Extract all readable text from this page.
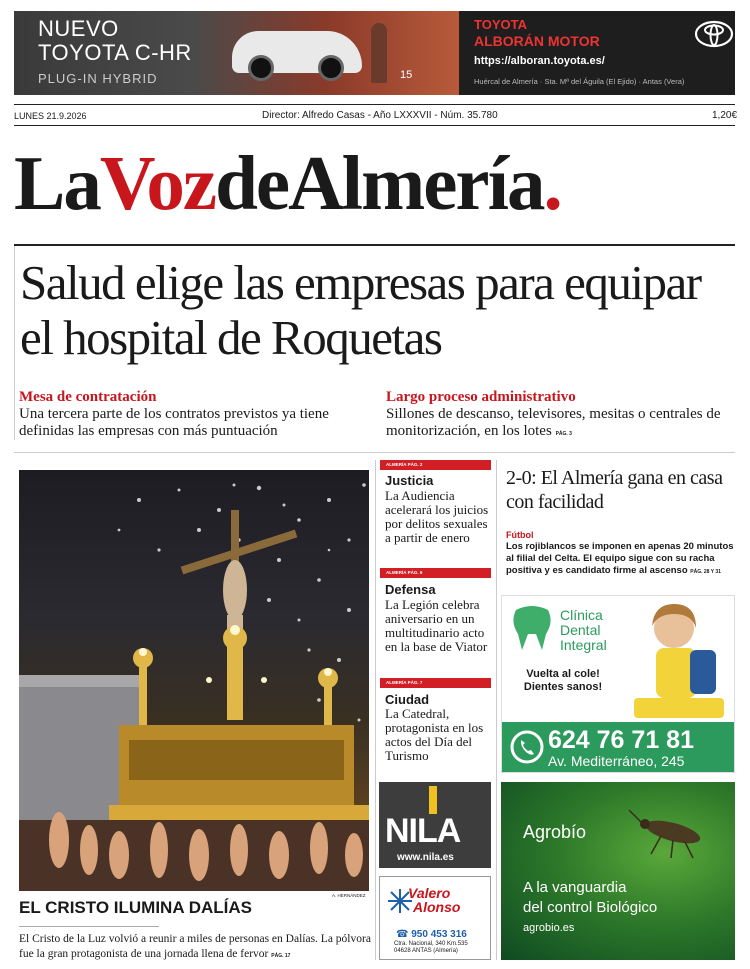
NUEVO
TOYOTA C-HR
PLUG-IN HYBRID	15
TOYOTA
ALBORÁN MOTOR
https://alboran.toyota.es/
Huércal de Almería · Sta. Mª del Águila (El Ejido) · Antas (Vera)
LUNES 21.9.2026	Director: Alfredo Casas - Año LXXXVII - Núm. 35.780	1,20€
LaVozdeAlmería.
Salud elige las empresas para equipar el hospital de Roquetas
Mesa de contratación
Una tercera parte de los contratos previstos ya tiene definidas las empresas con más puntuación
Largo proceso administrativo
Sillones de descanso, televisores, mesitas o centrales de monitorización, en los lotes PÁG. 3
A. HERNÁNDEZ
EL CRISTO ILUMINA DALÍAS
El Cristo de la Luz volvió a reunir a miles de personas en Dalías. La pólvora fue la gran protagonista de una jornada llena de fervor PÁG. 17
ALMERÍA PÁG. 2
Justicia
La Audiencia acelerará los juicios por delitos sexuales a partir de enero
ALMERÍA PÁG. 6
Defensa
La Legión celebra aniversario en un multitudinario acto en la base de Viator
ALMERÍA PÁG. 7
Ciudad
La Catedral, protagonista en los actos del Día del Turismo
2-0: El Almería gana en casa con facilidad
Fútbol
Los rojiblancos se imponen en apenas 20 minutos al filial del Celta. El equipo sigue con su racha positiva y es candidato firme al ascenso PÁG. 28 Y 31
Clínica
Dental
Integral
Vuelta al cole!
Dientes sanos!
624 76 71 81
Av. Mediterráneo, 245
NILA
www.nila.es
Valero
Alonso
☎ 950 453 316
Ctra. Nacional, 340 Km.535
04628 ANTAS (Almería)
Agrobío
A la vanguardia
del control Biológico
agrobio.es
